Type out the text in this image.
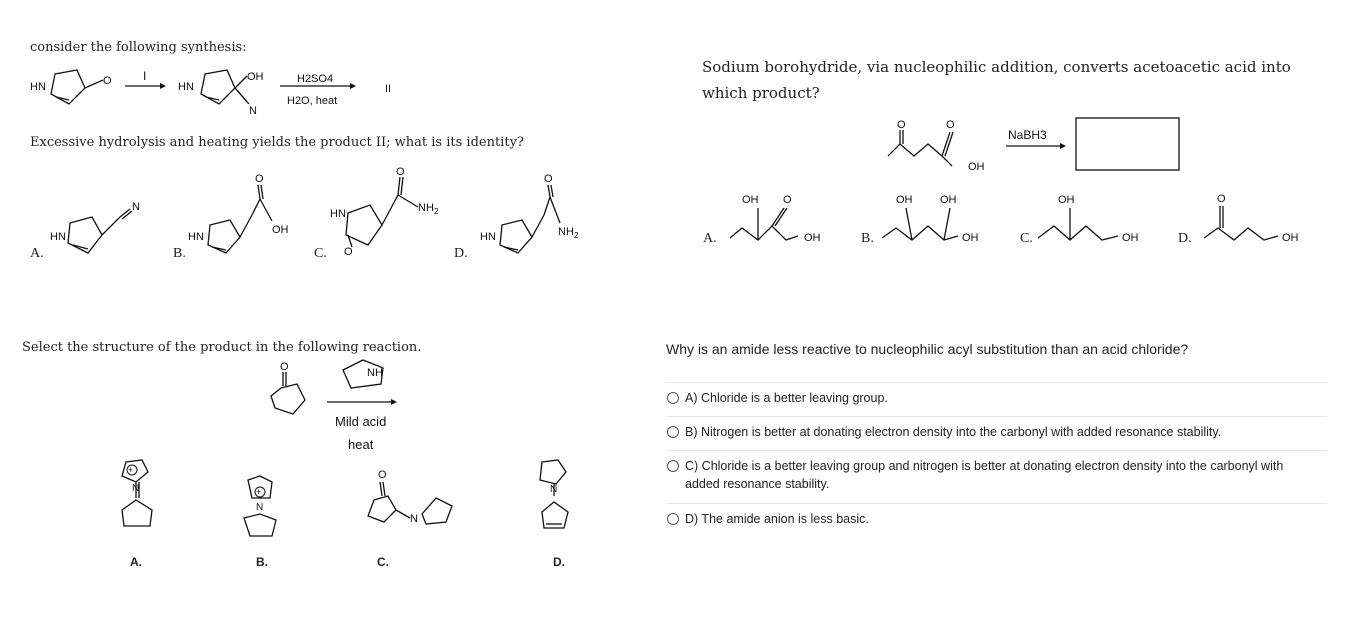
consider the following synthesis:
HN	O	I
HN
OH
N
H2SO4
H2O, heat
II
Excessive hydrolysis and heating yields the product II; what is its identity?
HN
N
HN
O
OH
HN
O
NH 2
O
HN
O
NH 2
A.	B.	C.	D.
Sodium borohydride, via nucleophilic addition, converts acetoacetic acid into which product?
O	O
OH
NaBH3
OH O
OH
OH	OH
OH
OH
OH
O
OH
A.	B.	C.	D.
Select the structure of the product in the following reaction.
O	NH
Mild acid
heat
+
N	+
N
O
N
N
A.	B.	C.	D.
Why is an amide less reactive to nucleophilic acyl substitution than an acid chloride?
A) Chloride is a better leaving group.
B) Nitrogen is better at donating electron density into the carbonyl with added resonance stability.
C) Chloride is a better leaving group and nitrogen is better at donating electron density into the carbonyl with added resonance stability.
D) The amide anion is less basic.
